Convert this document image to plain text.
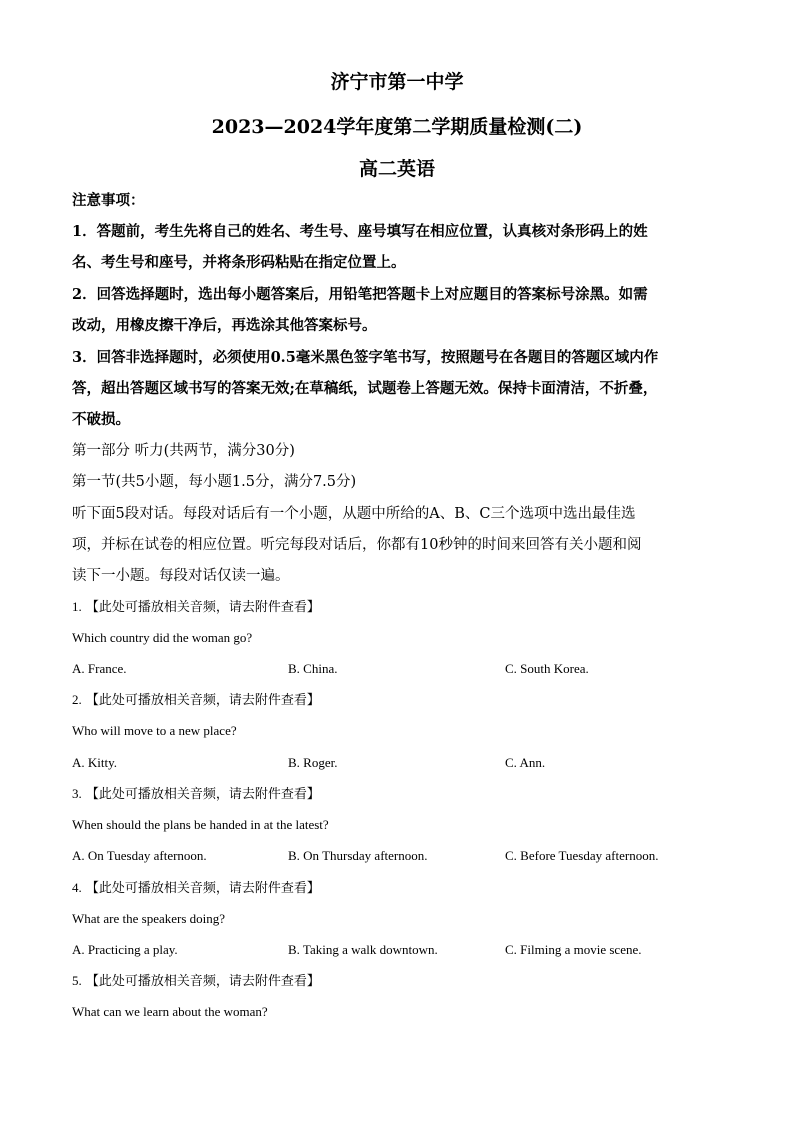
济宁市第一中学
2023—2024学年度第二学期质量检测(二)
高二英语
注意事项：
1．答题前，考生先将自己的姓名、考生号、座号填写在相应位置，认真核对条形码上的姓
名、考生号和座号，并将条形码粘贴在指定位置上。
2．回答选择题时，选出每小题答案后，用铅笔把答题卡上对应题目的答案标号涂黑。如需
改动，用橡皮擦干净后，再选涂其他答案标号。
3．回答非选择题时，必须使用0.5毫米黑色签字笔书写，按照题号在各题目的答题区域内作
答，超出答题区域书写的答案无效;在草稿纸，试题卷上答题无效。保持卡面清洁，不折叠，
不破损。
第一部分 听力(共两节，满分30分)
第一节(共5小题，每小题1.5分，满分7.5分)
听下面5段对话。每段对话后有一个小题，从题中所给的A、B、C三个选项中选出最佳选
项，并标在试卷的相应位置。听完每段对话后，你都有10秒钟的时间来回答有关小题和阅
读下一小题。每段对话仅读一遍。
1. 【此处可播放相关音频，请去附件查看】
Which country did the woman go?
A. France.	B. China.	C. South Korea.
2. 【此处可播放相关音频，请去附件查看】
Who will move to a new place?
A. Kitty.	B. Roger.	C. Ann.
3. 【此处可播放相关音频，请去附件查看】
When should the plans be handed in at the latest?
A. On Tuesday afternoon.	B. On Thursday afternoon.	C. Before Tuesday afternoon.
4. 【此处可播放相关音频，请去附件查看】
What are the speakers doing?
A. Practicing a play.	B. Taking a walk downtown.	C. Filming a movie scene.
5. 【此处可播放相关音频，请去附件查看】
What can we learn about the woman?
